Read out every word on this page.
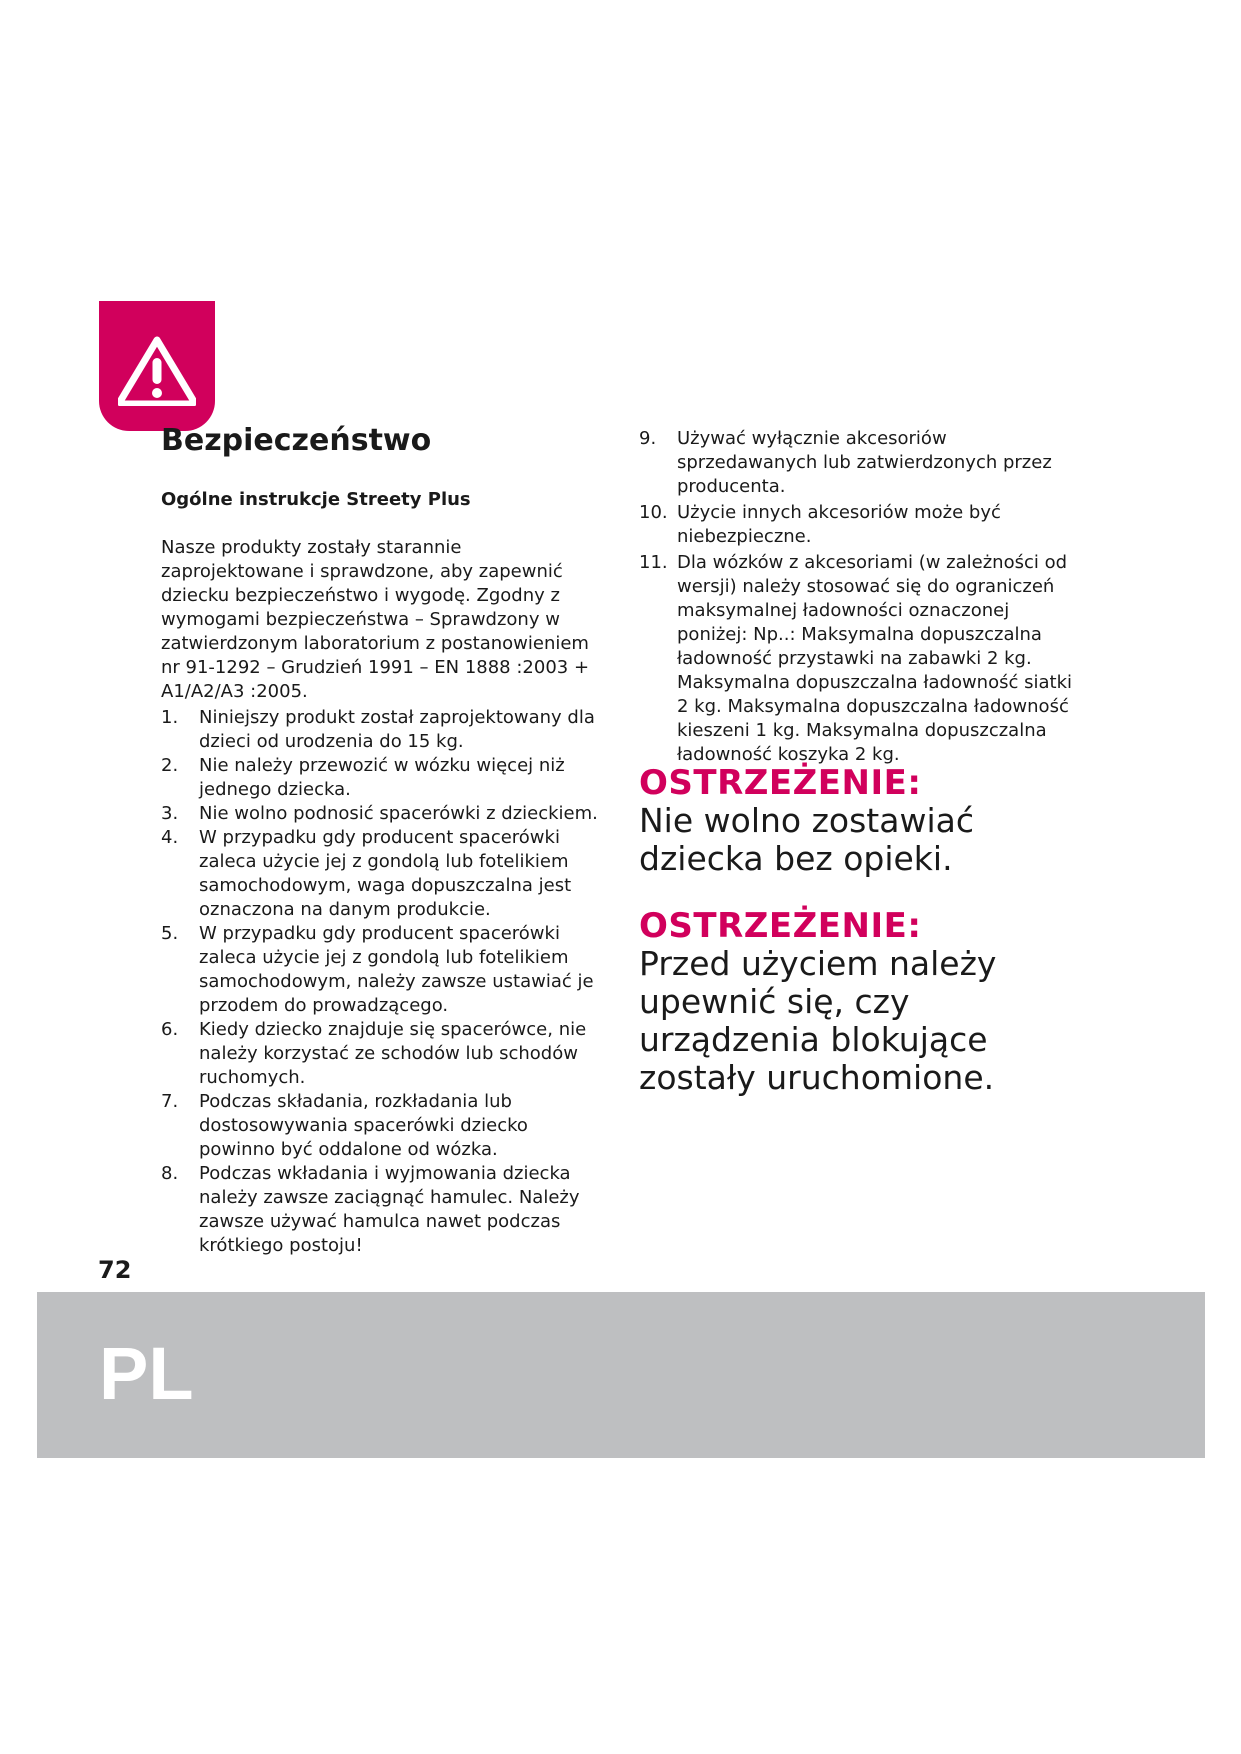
Bezpieczeństwo
Ogólne instrukcje Streety Plus

Nasze produkty zostały starannie zaprojektowane i sprawdzone, aby zapewnić dziecku bezpieczeństwo i wygodę. Zgodny z wymogami bezpieczeństwa – Sprawdzony w zatwierdzonym laboratorium z postanowieniem nr 91-1292 – Grudzień 1991 – EN 1888 :2003 + A1/A2/A3 :2005.

1.	Niniejszy produkt został zaprojektowany dla dzieci od urodzenia do 15 kg.
2.	Nie należy przewozić w wózku więcej niż jednego dziecka.
3.	Nie wolno podnosić spacerówki z dzieckiem.
4.	W przypadku gdy producent spacerówki zaleca użycie jej z gondolą lub fotelikiem samochodowym, waga dopuszczalna jest oznaczona na danym produkcie.
5.	W przypadku gdy producent spacerówki zaleca użycie jej z gondolą lub fotelikiem samochodowym, należy zawsze ustawiać je przodem do prowadzącego.
6.	Kiedy dziecko znajduje się spacerówce, nie należy korzystać ze schodów lub schodów ruchomych.
7.	Podczas składania, rozkładania lub dostosowywania spacerówki dziecko powinno być oddalone od wózka.
8.	Podczas wkładania i wyjmowania dziecka należy zawsze zaciągnąć hamulec. Należy zawsze używać hamulca nawet podczas krótkiego postoju!
9.	Używać wyłącznie akcesoriów sprzedawanych lub zatwierdzonych przez producenta.
10. Użycie innych akcesoriów może być niebezpieczne.
11. Dla wózków z akcesoriami (w zależności od wersji) należy stosować się do ograniczeń maksymalnej ładowności oznaczonej poniżej: Np..: Maksymalna dopuszczalna ładowność przystawki na zabawki 2 kg. Maksymalna dopuszczalna ładowność siatki 2 kg. Maksymalna dopuszczalna ładowność kieszeni 1 kg. Maksymalna dopuszczalna ładowność koszyka 2 kg.
OSTRZEŻENIE:
Nie wolno zostawiać dziecka bez opieki.
OSTRZEŻENIE:
Przed użyciem należy upewnić się, czy urządzenia blokujące zostały uruchomione.
72
PL
